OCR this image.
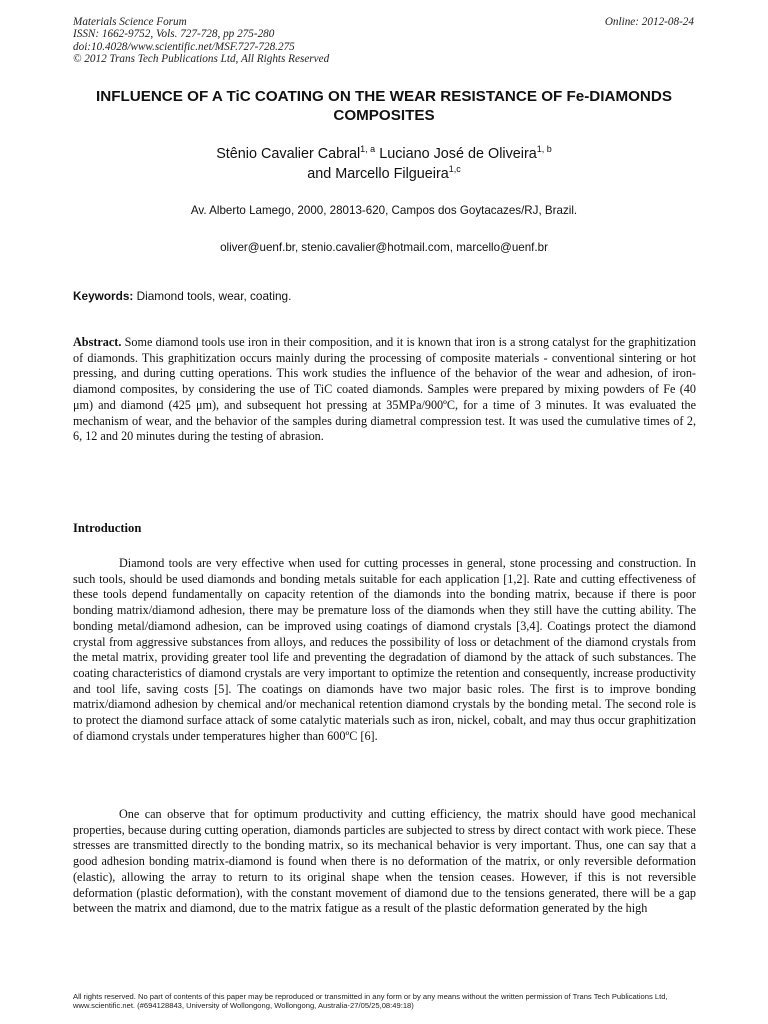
Materials Science Forum
ISSN: 1662-9752, Vols. 727-728, pp 275-280
doi:10.4028/www.scientific.net/MSF.727-728.275
© 2012 Trans Tech Publications Ltd, All Rights Reserved
Online: 2012-08-24
INFLUENCE OF A TiC COATING ON THE WEAR RESISTANCE OF Fe-DIAMONDS COMPOSITES
Stênio Cavalier Cabral$^{1, a}$ Luciano José de Oliveira$^{1, b}$
and Marcello Filgueira$^{1,c}$
Av. Alberto Lamego, 2000, 28013-620, Campos dos Goytacazes/RJ, Brazil.
oliver@uenf.br, stenio.cavalier@hotmail.com, marcello@uenf.br
Keywords: Diamond tools, wear, coating.

Abstract. Some diamond tools use iron in their composition, and it is known that iron is a strong catalyst for the graphitization of diamonds. This graphitization occurs mainly during the processing of composite materials - conventional sintering or hot pressing, and during cutting operations. This work studies the influence of the behavior of the wear and adhesion, of iron-diamond composites, by considering the use of TiC coated diamonds. Samples were prepared by mixing powders of Fe (40 μm) and diamond (425 μm), and subsequent hot pressing at 35MPa/900ºC, for a time of 3 minutes. It was evaluated the mechanism of wear, and the behavior of the samples during diametral compression test. It was used the cumulative times of 2, 6, 12 and 20 minutes during the testing of abrasion.

Introduction

Diamond tools are very effective when used for cutting processes in general, stone processing and construction. In such tools, should be used diamonds and bonding metals suitable for each application [1,2]. Rate and cutting effectiveness of these tools depend fundamentally on capacity retention of the diamonds into the bonding matrix, because if there is poor bonding matrix/diamond adhesion, there may be premature loss of the diamonds when they still have the cutting ability. The bonding metal/diamond adhesion, can be improved using coatings of diamond crystals [3,4]. Coatings protect the diamond crystal from aggressive substances from alloys, and reduces the possibility of loss or detachment of the diamond crystals from the metal matrix, providing greater tool life and preventing the degradation of diamond by the attack of such substances. The coating characteristics of diamond crystals are very important to optimize the retention and consequently, increase productivity and tool life, saving costs [5]. The coatings on diamonds have two major basic roles. The first is to improve bonding matrix/diamond adhesion by chemical and/or mechanical retention diamond crystals by the bonding metal. The second role is to protect the diamond surface attack of some catalytic materials such as iron, nickel, cobalt, and may thus occur graphitization of diamond crystals under temperatures higher than 600ºC [6].

One can observe that for optimum productivity and cutting efficiency, the matrix should have good mechanical properties, because during cutting operation, diamonds particles are subjected to stress by direct contact with work piece. These stresses are transmitted directly to the bonding matrix, so its mechanical behavior is very important. Thus, one can say that a good adhesion bonding matrix-diamond is found when there is no deformation of the matrix, or only reversible deformation (elastic), allowing the array to return to its original shape when the tension ceases. However, if this is not reversible deformation (plastic deformation), with the constant movement of diamond due to the tensions generated, there will be a gap between the matrix and diamond, due to the matrix fatigue as a result of the plastic deformation generated by the high

All rights reserved. No part of contents of this paper may be reproduced or transmitted in any form or by any means without the written permission of Trans Tech Publications Ltd, www.scientific.net. (#694128843, University of Wollongong, Wollongong, Australia-27/05/25,08:49:18)
